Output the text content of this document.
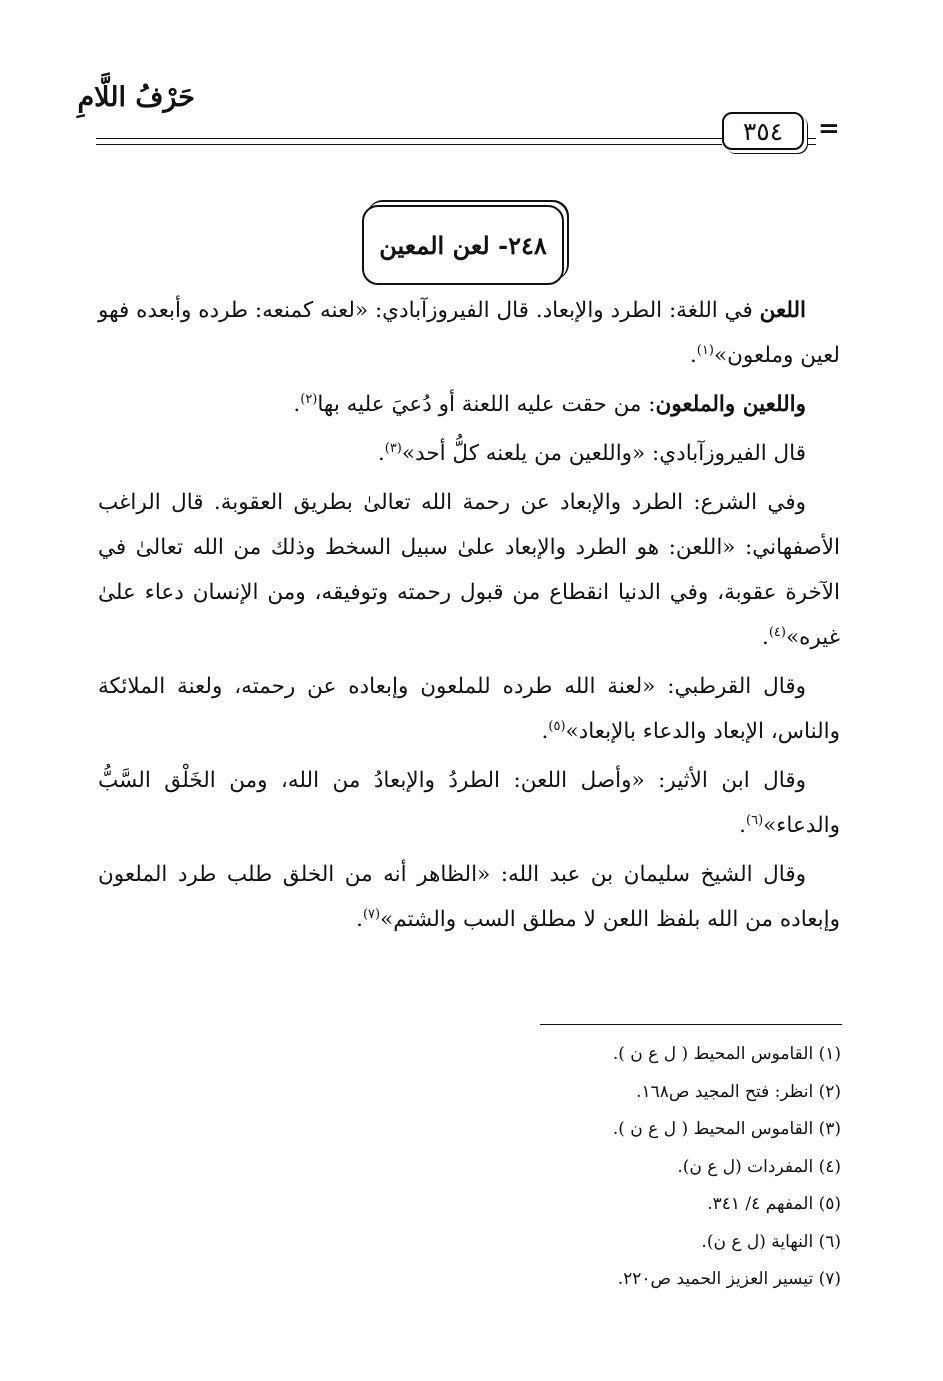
حَرْفُ اللَّامِ
٣٥٤	=
٢٤٨- لعن المعين

اللعن في اللغة: الطرد والإبعاد. قال الفيروزآبادي: «لعنه كمنعه: طرده وأبعده فهو لعين وملعون»$^{(١)}$.

واللعين والملعون: من حقت عليه اللعنة أو دُعيَ عليه بها$^{(٢)}$.

قال الفيروزآبادي: «واللعين من يلعنه كلُّ أحد»$^{(٣)}$.

وفي الشرع: الطرد والإبعاد عن رحمة الله تعالىٰ بطريق العقوبة. قال الراغب الأصفهاني: «اللعن: هو الطرد والإبعاد علىٰ سبيل السخط وذلك من الله تعالىٰ في الآخرة عقوبة، وفي الدنيا انقطاع من قبول رحمته وتوفيقه، ومن الإنسان دعاء علىٰ غيره»$^{(٤)}$.

وقال القرطبي: «لعنة الله طرده للملعون وإبعاده عن رحمته، ولعنة الملائكة والناس، الإبعاد والدعاء بالإبعاد»$^{(٥)}$.

وقال ابن الأثير: «وأصل اللعن: الطردُ والإبعادُ من الله، ومن الخَلْق السَّبُّ والدعاء»$^{(٦)}$.

وقال الشيخ سليمان بن عبد الله: «الظاهر أنه من الخلق طلب طرد الملعون وإبعاده من الله بلفظ اللعن لا مطلق السب والشتم»$^{(٧)}$.

(١) القاموس المحيط ( ل ع ن ).
(٢) انظر: فتح المجيد ص١٦٨.
(٣) القاموس المحيط ( ل ع ن ).
(٤) المفردات (ل ع ن).
(٥) المفهم ٤/ ٣٤١.
(٦) النهاية (ل ع ن).
(٧) تيسير العزيز الحميد ص٢٢٠.
